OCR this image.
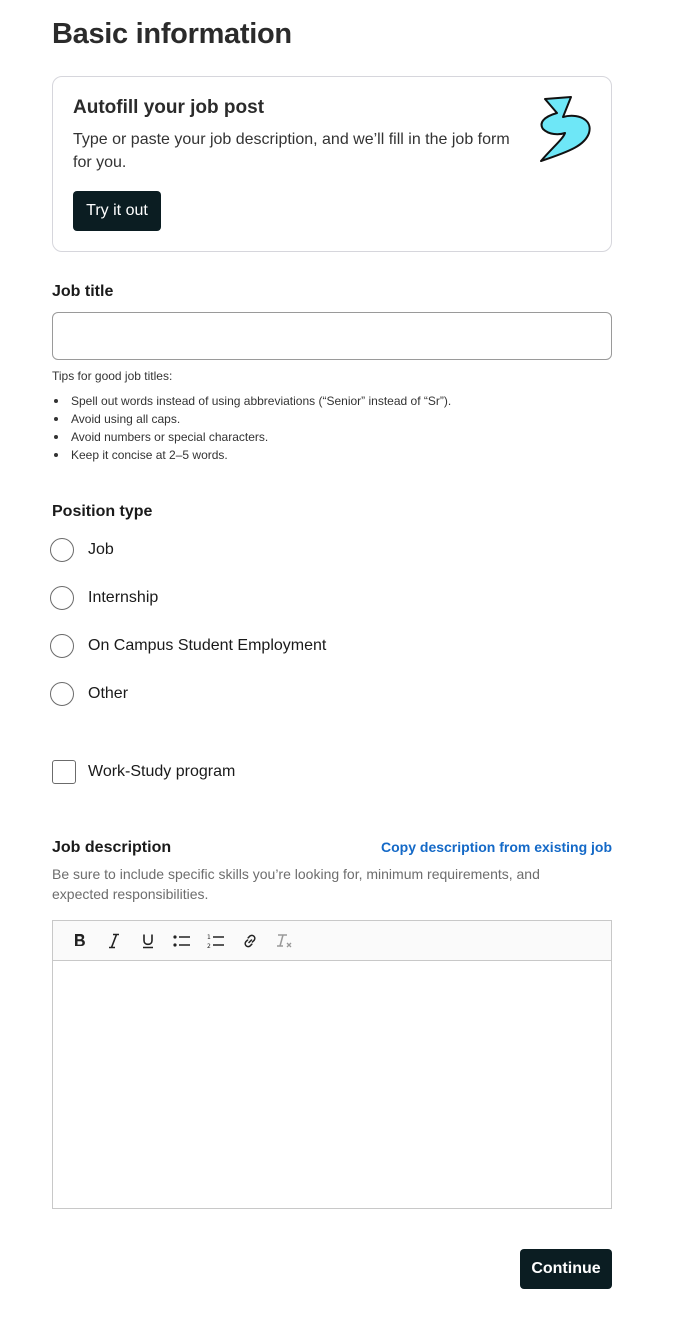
Basic information
Autofill your job post
Type or paste your job description, and we’ll fill in the job form for you.
Try it out
Job title
Tips for good job titles:
Spell out words instead of using abbreviations (“Senior” instead of “Sr”).
Avoid using all caps.
Avoid numbers or special characters.
Keep it concise at 2–5 words.
Position type
Job
Internship
On Campus Student Employment
Other
Work-Study program
Job description	Copy description from existing job
Be sure to include specific skills you’re looking for, minimum requirements, and expected responsibilities.
1
2
Continue
